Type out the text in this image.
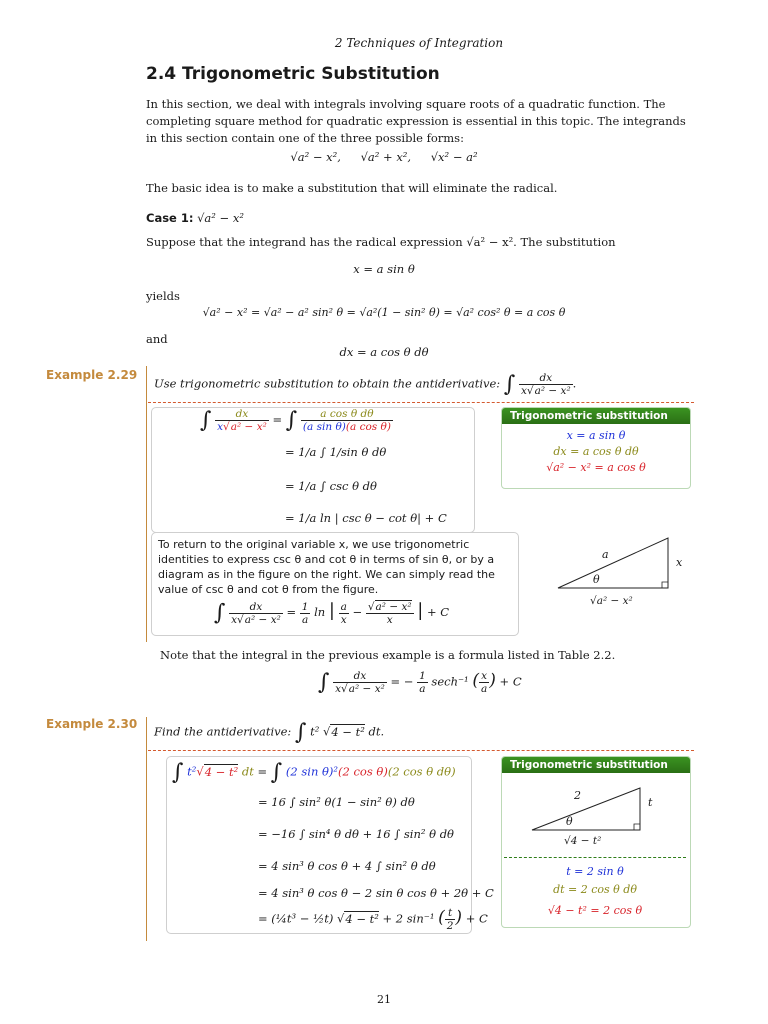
2 Techniques of Integration
2.4 Trigonometric Substitution
In this section, we deal with integrals involving square roots of a quadratic function. The completing square method for quadratic expression is essential in this topic. The integrands in this section contain one of the three possible forms:
√a² − x², √a² + x², √x² − a²
The basic idea is to make a substitution that will eliminate the radical.
Case 1: √a² − x²
Suppose that the integrand has the radical expression √a² − x². The substitution
x = a sin θ
yields
√a² − x² = √a² − a² sin² θ = √a²(1 − sin² θ) = √a² cos² θ = a cos θ
and
dx = a cos θ dθ
Example 2.29
Use trigonometric substitution to obtain the antiderivative: ∫ $\frac{dx}{\text{x√a² − x²}}$ .
∫ $\frac{dx}{\text{x√a² − x²}}$ = ∫ $\frac{\text{a cos θ dθ}}{\text{(a sin θ)(a cos θ)}}$
= 1/a ∫ 1/sin θ dθ
= 1/a ∫ csc θ dθ
= 1/a ln | csc θ − cot θ| + C
Trigonometric substitution
x = a sin θ
dx = a cos θ dθ
√a² − x² = a cos θ
To return to the original variable x, we use trigonometric identities to express csc θ and cot θ in terms of sin θ, or by a diagram as in the figure on the right. We can simply read the value of csc θ and cot θ from the figure.
∫ $\frac{dx}{\text{x√a² − x²}} = \frac{1}{a}$ ln | $\frac{a}{x} - \frac{\text{√a² − x²}}{x}$ | + C
a
x
θ
√a² − x²
Note that the integral in the previous example is a formula listed in Table 2.2.
∫ $\frac{dx}{\text{x√a² − x²}}$ = − $\frac{1}{a} \sec h^{-1}$ ( $\frac{x}{a}$ ) + C
Example 2.30
Find the antiderivative: ∫ t² √4 − t² dt.
∫ t²√4 − t² dt = ∫ (2 sin θ)²(2 cos θ)(2 cos θ dθ)
= 16 ∫ sin² θ(1 − sin² θ) dθ
= −16 ∫ sin⁴ θ dθ + 16 ∫ sin² θ dθ
= 4 sin³ θ cos θ + 4 ∫ sin² θ dθ
= 4 sin³ θ cos θ − 2 sin θ cos θ + 2θ + C
= (¼t³ − ½t) √4 − t² + 2 sin⁻¹ ( $\frac{t}{2}$ ) + C
Trigonometric substitution
2
t
θ
√4 − t²
t = 2 sin θ
dt = 2 cos θ dθ
√4 − t² = 2 cos θ
21
